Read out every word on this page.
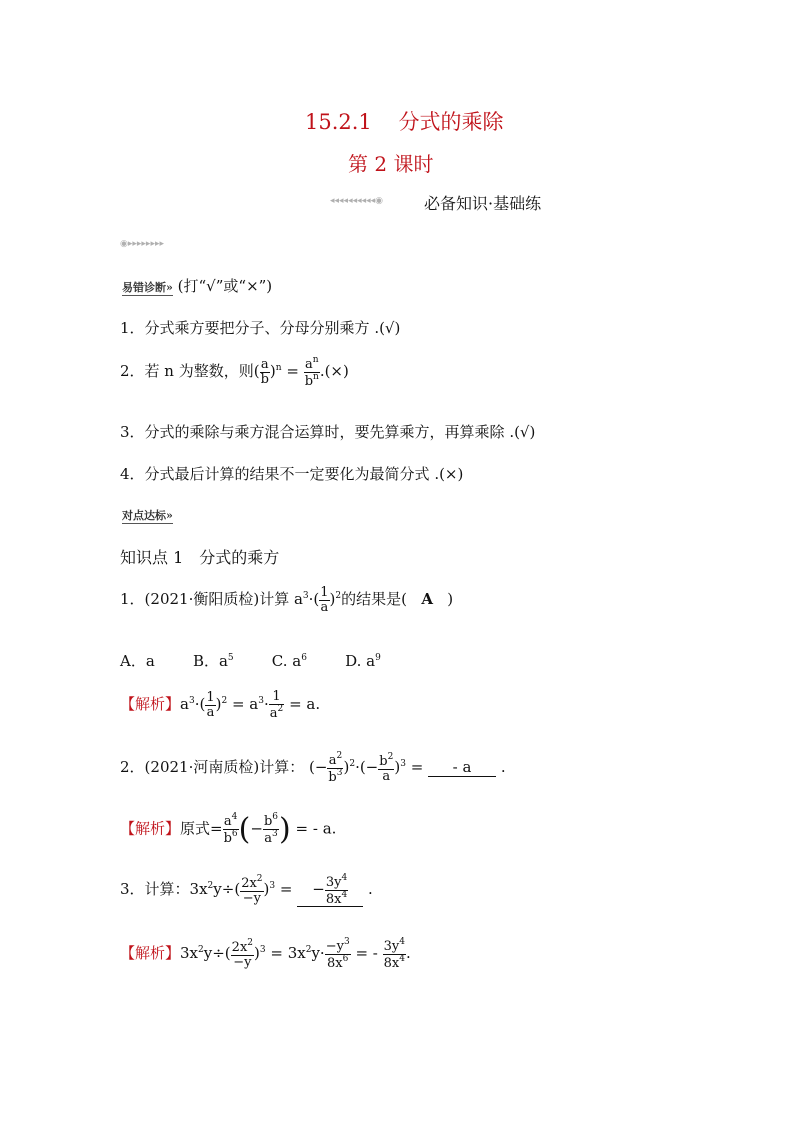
15.2.1 分式的乘除
第 2 课时
◂◂◂◂◂◂◂◂◂◂◉	必备知识·基础练
◉▸▸▸▸▸▸▸▸
易错诊断» (打“√”或“×”)
1．分式乘方要把分子、分母分别乘方 .(√)
2．若 n 为整数，则( $\frac{a}{b} )^n = \frac{a^n}{b^n}$ .(×)
3．分式的乘除与乘方混合运算时，要先算乘方，再算乘除 .(√)
4．分式最后计算的结果不一定要化为最简分式 .(×)
对点达标»
知识点 1　分式的乘方
1．(2021·衡阳质检)计算 $a^3\cdot( \frac{1}{a} )^2$的结果是( A )
A．a	B．$a^5$	C. $a^6$	D. $a^9$
【解析】$a^3\cdot( \frac{1}{a} )^2 = a^3\cdot \frac{1}{a^2} = a$.
2．(2021·河南质检)计算： (− $\frac{a^2}{b^3} )^2\cdot(- \frac{b^2}{a} )^3$ = - a .
【解析】原式= $\frac{a^4}{b^6}$ (− $\frac{b^6}{a^3}$ ) = - a.
3．计算：$3x^2y\div( \frac{2x^2}{-y} )^3$ = − $\frac{3y^4}{8x^4}$ .
【解析】$3x^2y\div( \frac{2x^2}{-y} )^3 = 3x^2y\cdot \frac{-y^3}{8x^6}$ = - $\frac{3y^4}{8x^4}$ .
